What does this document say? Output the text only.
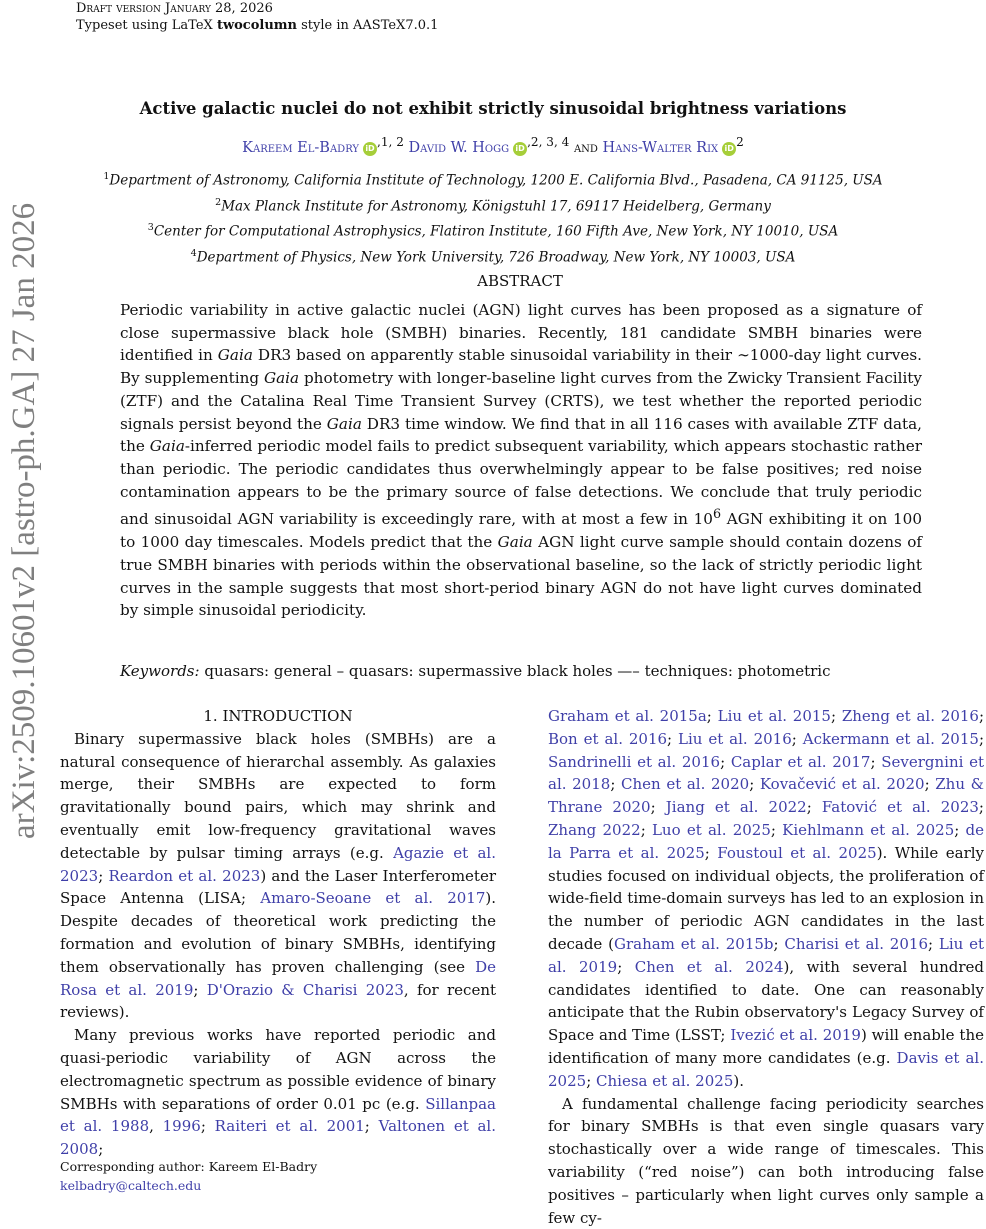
Draft version January 28, 2026
Typeset using LaTeX twocolumn style in AASTeX7.0.1
arXiv:2509.10601v2 [astro-ph.GA] 27 Jan 2026
Active galactic nuclei do not exhibit strictly sinusoidal brightness variations
Kareem El-Badry iD $^{,1, 2}$ David W. Hogg iD $^{,2, 3, 4}$ and Hans-Walter Rix iD $^2$
$^1$Department of Astronomy, California Institute of Technology, 1200 E. California Blvd., Pasadena, CA 91125, USA
$^2$Max Planck Institute for Astronomy, Königstuhl 17, 69117 Heidelberg, Germany
$^3$Center for Computational Astrophysics, Flatiron Institute, 160 Fifth Ave, New York, NY 10010, USA
$^4$Department of Physics, New York University, 726 Broadway, New York, NY 10003, USA
ABSTRACT
Periodic variability in active galactic nuclei (AGN) light curves has been proposed as a signature of close supermassive black hole (SMBH) binaries. Recently, 181 candidate SMBH binaries were identified in Gaia DR3 based on apparently stable sinusoidal variability in their ∼1000-day light curves. By supplementing Gaia photometry with longer-baseline light curves from the Zwicky Transient Facility (ZTF) and the Catalina Real Time Transient Survey (CRTS), we test whether the reported periodic signals persist beyond the Gaia DR3 time window. We find that in all 116 cases with available ZTF data, the Gaia-inferred periodic model fails to predict subsequent variability, which appears stochastic rather than periodic. The periodic candidates thus overwhelmingly appear to be false positives; red noise contamination appears to be the primary source of false detections. We conclude that truly periodic and sinusoidal AGN variability is exceedingly rare, with at most a few in $10^6$ AGN exhibiting it on 100 to 1000 day timescales. Models predict that the Gaia AGN light curve sample should contain dozens of true SMBH binaries with periods within the observational baseline, so the lack of strictly periodic light curves in the sample suggests that most short-period binary AGN do not have light curves dominated by simple sinusoidal periodicity.
Keywords: quasars: general – quasars: supermassive black holes —– techniques: photometric

1. INTRODUCTION

Binary supermassive black holes (SMBHs) are a natural consequence of hierarchal assembly. As galaxies merge, their SMBHs are expected to form gravitationally bound pairs, which may shrink and eventually emit low-frequency gravitational waves detectable by pulsar timing arrays (e.g. Agazie et al. 2023; Reardon et al. 2023) and the Laser Interferometer Space Antenna (LISA; Amaro-Seoane et al. 2017). Despite decades of theoretical work predicting the formation and evolution of binary SMBHs, identifying them observationally has proven challenging (see De Rosa et al. 2019; D'Orazio & Charisi 2023, for recent reviews).

Many previous works have reported periodic and quasi-periodic variability of AGN across the electromagnetic spectrum as possible evidence of binary SMBHs with separations of order 0.01 pc (e.g. Sillanpaa et al. 1988, 1996; Raiteri et al. 2001; Valtonen et al. 2008;

Graham et al. 2015a; Liu et al. 2015; Zheng et al. 2016; Bon et al. 2016; Liu et al. 2016; Ackermann et al. 2015; Sandrinelli et al. 2016; Caplar et al. 2017; Severgnini et al. 2018; Chen et al. 2020; Kovačević et al. 2020; Zhu & Thrane 2020; Jiang et al. 2022; Fatović et al. 2023; Zhang 2022; Luo et al. 2025; Kiehlmann et al. 2025; de la Parra et al. 2025; Foustoul et al. 2025). While early studies focused on individual objects, the proliferation of wide-field time-domain surveys has led to an explosion in the number of periodic AGN candidates in the last decade (Graham et al. 2015b; Charisi et al. 2016; Liu et al. 2019; Chen et al. 2024), with several hundred candidates identified to date. One can reasonably anticipate that the Rubin observatory's Legacy Survey of Space and Time (LSST; Ivezić et al. 2019) will enable the identification of many more candidates (e.g. Davis et al. 2025; Chiesa et al. 2025).

A fundamental challenge facing periodicity searches for binary SMBHs is that even single quasars vary stochastically over a wide range of timescales. This variability (“red noise”) can both introducing false positives – particularly when light curves only sample a few cy-

Corresponding author: Kareem El-Badry
kelbadry@caltech.edu
